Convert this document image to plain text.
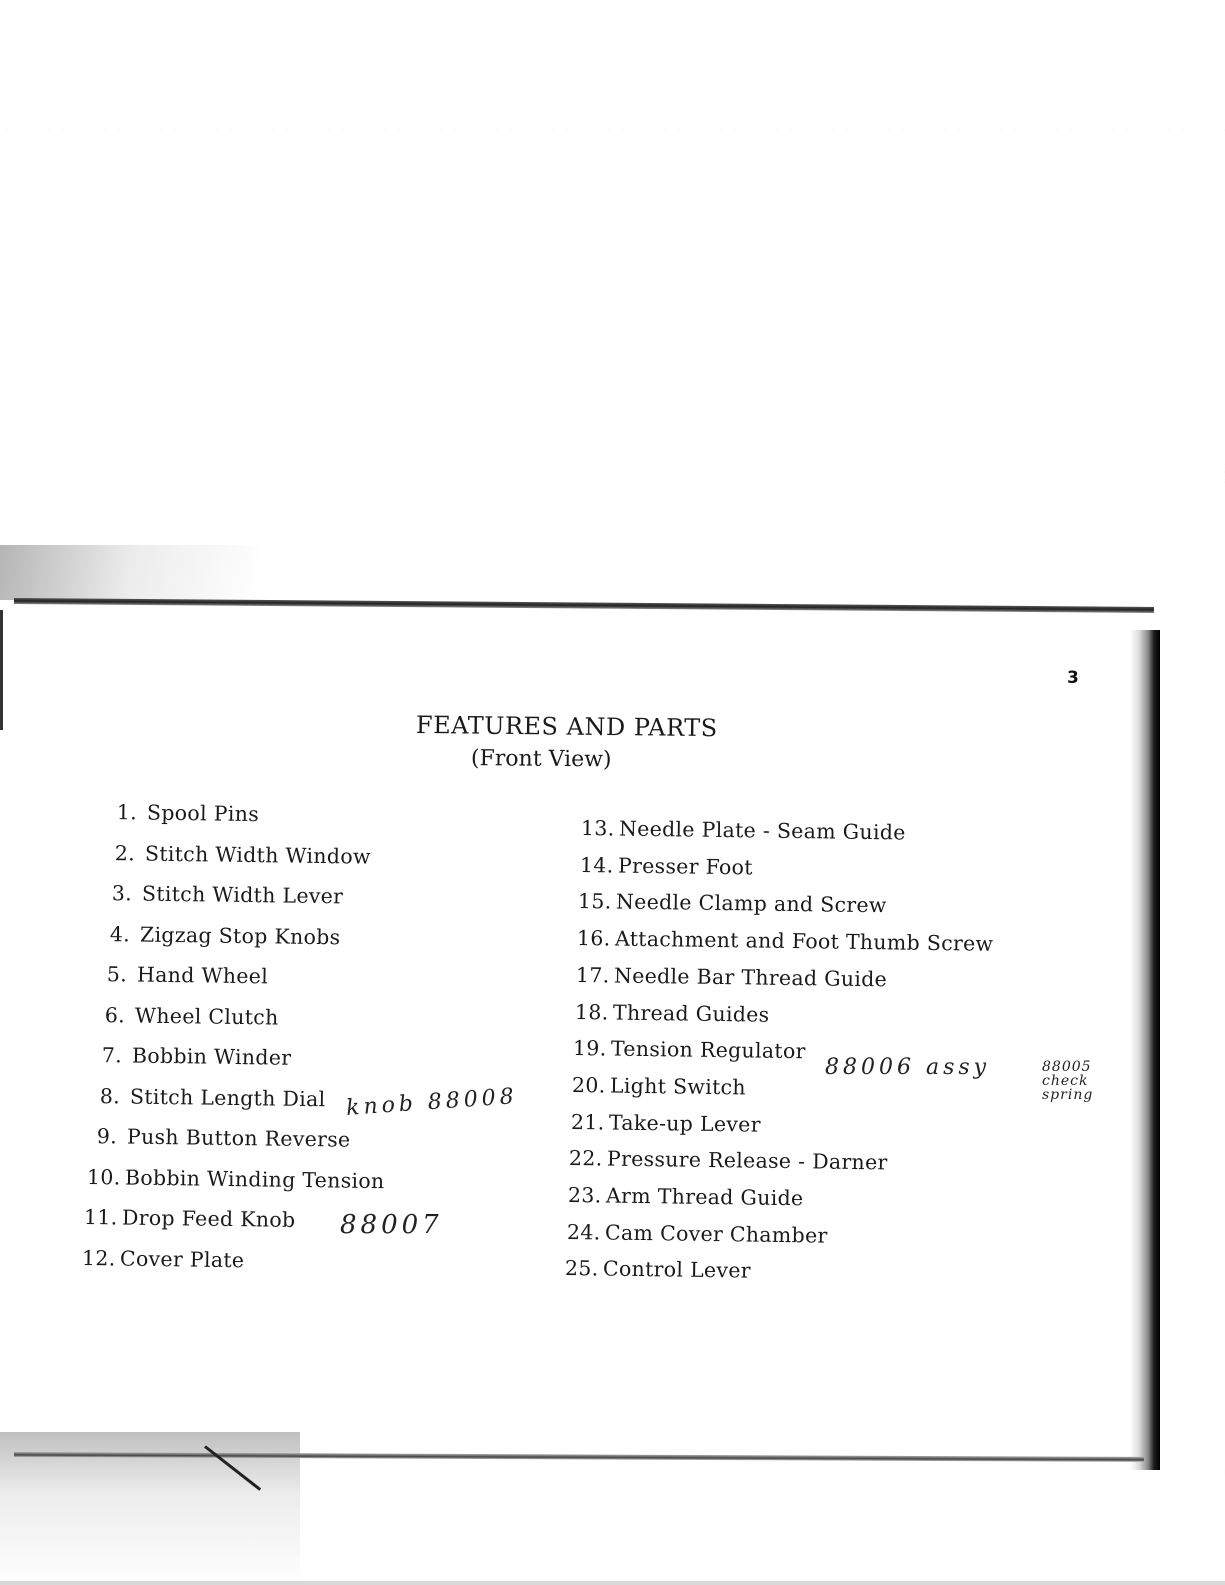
3
FEATURES AND PARTS
(Front View)
1. Spool Pins
2. Stitch Width Window
3. Stitch Width Lever
4. Zigzag Stop Knobs
5. Hand Wheel
6. Wheel Clutch
7. Bobbin Winder
8. Stitch Length Dial
9. Push Button Reverse
10. Bobbin Winding Tension
11. Drop Feed Knob
12. Cover Plate
13. Needle Plate - Seam Guide
14. Presser Foot
15. Needle Clamp and Screw
16. Attachment and Foot Thumb Screw
17. Needle Bar Thread Guide
18. Thread Guides
19. Tension Regulator
20. Light Switch
21. Take-up Lever
22. Pressure Release - Darner
23. Arm Thread Guide
24. Cam Cover Chamber
25. Control Lever
knob 88008
88007
88006 assy	88005
check
spring
